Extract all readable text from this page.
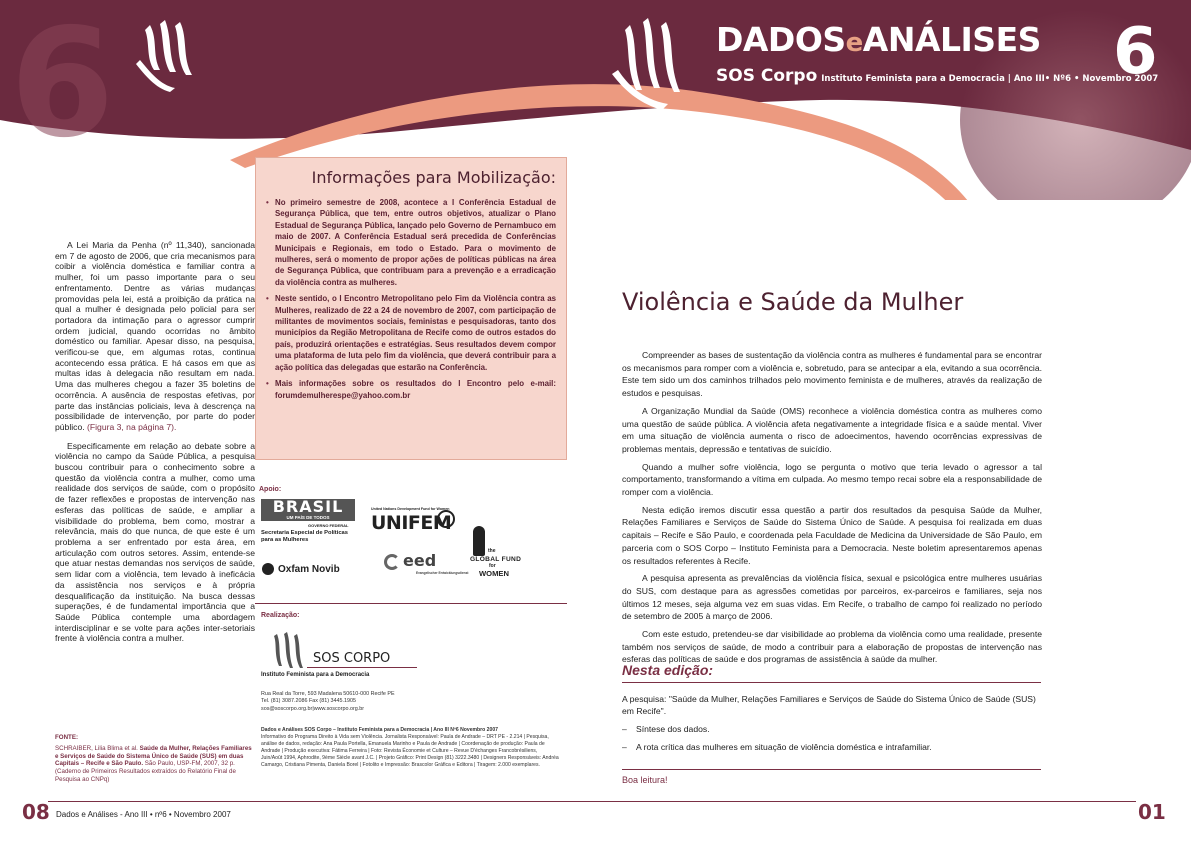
6	DADOSeANÁLISES
SOS Corpo Instituto Feminista para a Democracia | Ano III• Nº6 • Novembro 2007
6

A Lei Maria da Penha (nº 11,340), sancionada em 7 de agosto de 2006, que cria mecanismos para coibir a violência doméstica e familiar contra a mulher, foi um passo importante para o seu enfrentamento. Dentre as várias mudanças promovidas pela lei, está a proibição da prática na qual a mulher é designada pelo policial para ser portadora da intimação para o agressor cumprir ordem judicial, quando ocorridas no âmbito doméstico ou familiar. Apesar disso, na pesquisa, verificou-se que, em algumas rotas, continua acontecendo essa prática. E há casos em que as multas idas à delegacia não resultam em nada. Uma das mulheres chegou a fazer 35 boletins de ocorrência. A ausência de respostas efetivas, por parte das instâncias policiais, leva à descrença na possibilidade de intervenção, por parte do poder público. (Figura 3, na página 7).

Especificamente em relação ao debate sobre a violência no campo da Saúde Pública, a pesquisa buscou contribuir para o conhecimento sobre a questão da violência contra a mulher, como uma realidade dos serviços de saúde, com o propósito de fazer reflexões e propostas de intervenção nas esferas das políticas de saúde, e ampliar a visibilidade do problema, bem como, mostrar a relevância, mais do que nunca, de que este é um problema a ser enfrentado por esta área, em articulação com outros setores. Assim, entende-se que atuar nestas demandas nos serviços de saúde, sem lidar com a violência, tem levado à ineficácia da assistência nos serviços e à própria desqualificação da instituição. Na busca dessas superações, é de fundamental importância que a Saúde Pública contemple uma abordagem interdisciplinar e se volte para ações inter-setoriais frente à violência contra a mulher.

FONTE:
SCHRAIBER, Lilia Blima et al. Saúde da Mulher, Relações Familiares e Serviços de Saúde do Sistema Único de Saúde (SUS) em duas Capitais – Recife e São Paulo. São Paulo, USP-FM, 2007, 32 p. (Caderno de Primeiros Resultados extraídos do Relatório Final de Pesquisa ao CNPq)
Informações para Mobilização:
• No primeiro semestre de 2008, acontece a I Conferência Estadual de Segurança Pública, que tem, entre outros objetivos, atualizar o Plano Estadual de Segurança Pública, lançado pelo Governo de Pernambuco em maio de 2007. A Conferência Estadual será precedida de Conferências Municipais e Regionais, em todo o Estado. Para o movimento de mulheres, será o momento de propor ações de políticas públicas na área de Segurança Pública, que contribuam para a prevenção e a erradicação da violência contra as mulheres.
• Neste sentido, o I Encontro Metropolitano pelo Fim da Violência contra as Mulheres, realizado de 22 a 24 de novembro de 2007, com participação de militantes de movimentos sociais, feministas e pesquisadoras, tanto dos municípios da Região Metropolitana de Recife como de outros estados do país, produzirá orientações e estratégias. Seus resultados devem compor uma plataforma de luta pelo fim da violência, que deverá contribuir para a ação política das delegadas que estarão na Conferência.
• Mais informações sobre os resultados do I Encontro pelo e-mail: forumdemulherespe@yahoo.com.br
Apoio:
BRASIL
UM PAÍS DE TODOS
GOVERNO FEDERAL
Secretaria Especial de Políticas para as Mulheres
United Nations Development Fund for Women
UNIFEM
Oxfam Novib	eed
Evangelischer Entwicklungsdienst
the
GLOBAL FUND
for
WOMEN
Realização:
SOS CORPO
Instituto Feminista para a Democracia
Rua Real da Torre, 593 Madalena 50610-000 Recife PE
Tel. (81) 3087.2086 Fax (81) 3445.1905
sos@soscorpo.org.br|www.soscorpo.org.br
Dados e Análises SOS Corpo – Instituto Feminista para a Democracia | Ano III Nº6 Novembro 2007
Informativo do Programa Direito à Vida sem Violência. Jornalista Responsável: Paula de Andrade – DRT PE - 2.214 | Pesquisa, análise de dados, redação: Ana Paula Portella, Emanuela Marinho e Paula de Andrade | Coordenação de produção: Paula de Andrade | Produção executiva: Fátima Ferreira | Foto: Revista Économie et Culture – Revue D'échanges Francobrésiliens, Juin/Août 1994, Aphrodite, 9ème Siècle avant J.C. | Projeto Gráfico: Print Design (81) 3222.3480 | Designers Responsáveis: Andréa Camargo, Cristiana Pimenta, Daniela Borel | Fotolito e Impressão: Brascolor Gráfica e Editora | Tiragem: 2.000 exemplares.
Violência e Saúde da Mulher

Compreender as bases de sustentação da violência contra as mulheres é fundamental para se encontrar os mecanismos para romper com a violência e, sobretudo, para se antecipar a ela, evitando a sua ocorrência. Este tem sido um dos caminhos trilhados pelo movimento feminista e de mulheres, através da realização de estudos e pesquisas.

A Organização Mundial da Saúde (OMS) reconhece a violência doméstica contra as mulheres como uma questão de saúde pública. A violência afeta negativamente a integridade física e a saúde mental. Viver em uma situação de violência aumenta o risco de adoecimentos, havendo ocorrências expressivas de problemas mentais, depressão e tentativas de suicídio.

Quando a mulher sofre violência, logo se pergunta o motivo que teria levado o agressor a tal comportamento, transformando a vítima em culpada. Ao mesmo tempo recai sobre ela a responsabilidade de romper com a violência.

Nesta edição iremos discutir essa questão a partir dos resultados da pesquisa Saúde da Mulher, Relações Familiares e Serviços de Saúde do Sistema Único de Saúde. A pesquisa foi realizada em duas capitais – Recife e São Paulo, e coordenada pela Faculdade de Medicina da Universidade de São Paulo, em parceria com o SOS Corpo – Instituto Feminista para a Democracia. Neste boletim apresentaremos apenas os resultados referentes à Recife.

A pesquisa apresenta as prevalências da violência física, sexual e psicológica entre mulheres usuárias do SUS, com destaque para as agressões cometidas por parceiros, ex-parceiros e familiares, seja nos últimos 12 meses, seja alguma vez em suas vidas. Em Recife, o trabalho de campo foi realizado no período de setembro de 2005 à março de 2006.

Com este estudo, pretendeu-se dar visibilidade ao problema da violência como uma realidade, presente também nos serviços de saúde, de modo a contribuir para a elaboração de propostas de intervenção nas esferas das políticas de saúde e dos programas de assistência à saúde da mulher.

Nesta edição:
A pesquisa: "Saúde da Mulher, Relações Familiares e Serviços de Saúde do Sistema Único de Saúde (SUS) em Recife".
– Síntese dos dados.
– A rota crítica das mulheres em situação de violência doméstica e intrafamiliar.
Boa leitura!
08 Dados e Análises - Ano III • nº6 • Novembro 2007	01
